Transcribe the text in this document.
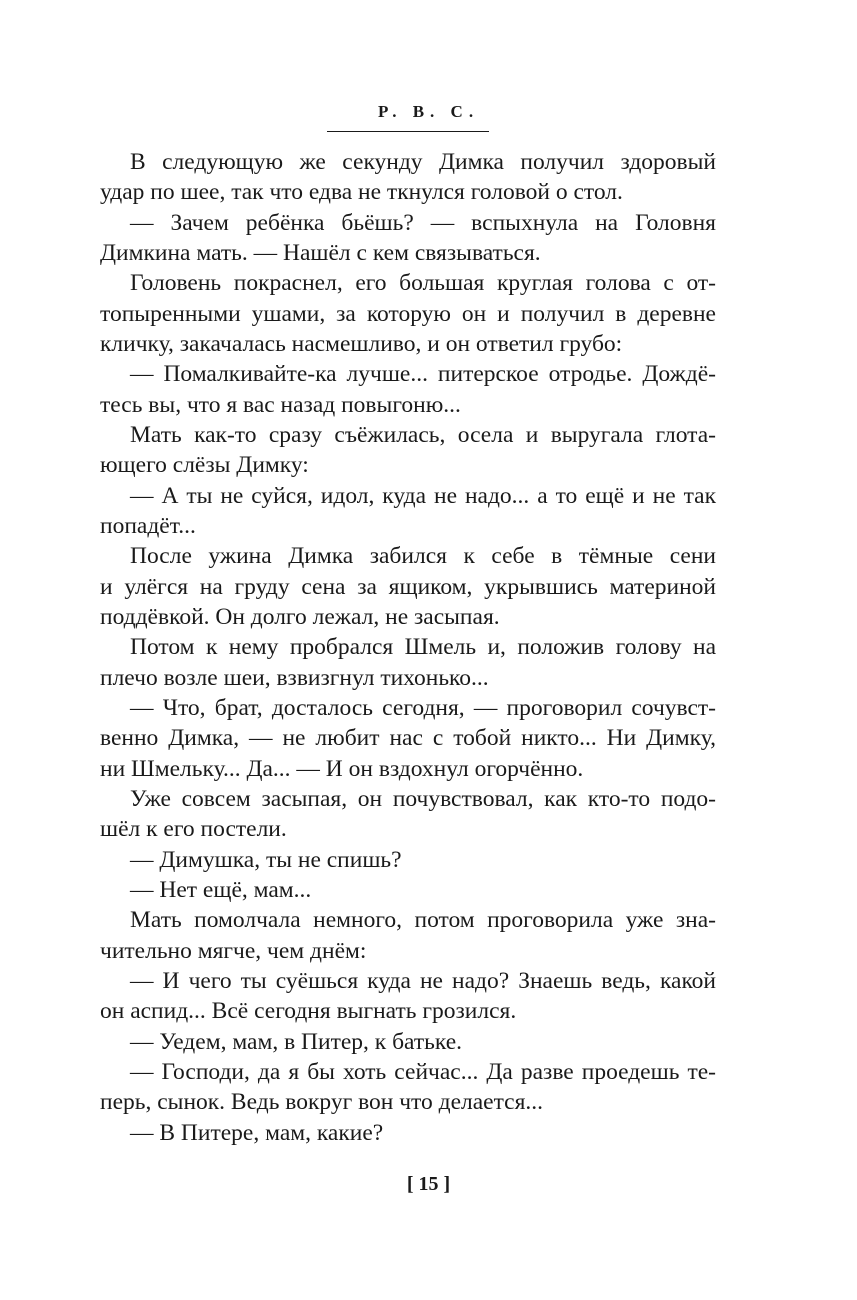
Р. В. С.
В следующую же секунду Димка получил здоровый
удар по шее, так что едва не ткнулся головой о стол.
— Зачем ребёнка бьёшь? — вспыхнула на Головня
Димкина мать. — Нашёл с кем связываться.
Головень покраснел, его большая круглая голова с от-
топыренными ушами, за которую он и получил в деревне
кличку, закачалась насмешливо, и он ответил грубо:
— Помалкивайте-ка лучше... питерское отродье. Дождё-
тесь вы, что я вас назад повыгоню...
Мать как-то сразу съёжилась, осела и выругала глота-
ющего слёзы Димку:
— А ты не суйся, идол, куда не надо... а то ещё и не так
попадёт...
После ужина Димка забился к себе в тёмные сени
и улёгся на груду сена за ящиком, укрывшись материной
поддёвкой. Он долго лежал, не засыпая.
Потом к нему пробрался Шмель и, положив голову на
плечо возле шеи, взвизгнул тихонько...
— Что, брат, досталось сегодня, — проговорил сочувст-
венно Димка, — не любит нас с тобой никто... Ни Димку,
ни Шмельку... Да... — И он вздохнул огорчённо.
Уже совсем засыпая, он почувствовал, как кто-то подо-
шёл к его постели.
— Димушка, ты не спишь?
— Нет ещё, мам...
Мать помолчала немного, потом проговорила уже зна-
чительно мягче, чем днём:
— И чего ты суёшься куда не надо? Знаешь ведь, какой
он аспид... Всё сегодня выгнать грозился.
— Уедем, мам, в Питер, к батьке.
— Господи, да я бы хоть сейчас... Да разве проедешь те-
перь, сынок. Ведь вокруг вон что делается...
— В Питере, мам, какие?
[ 15 ]
